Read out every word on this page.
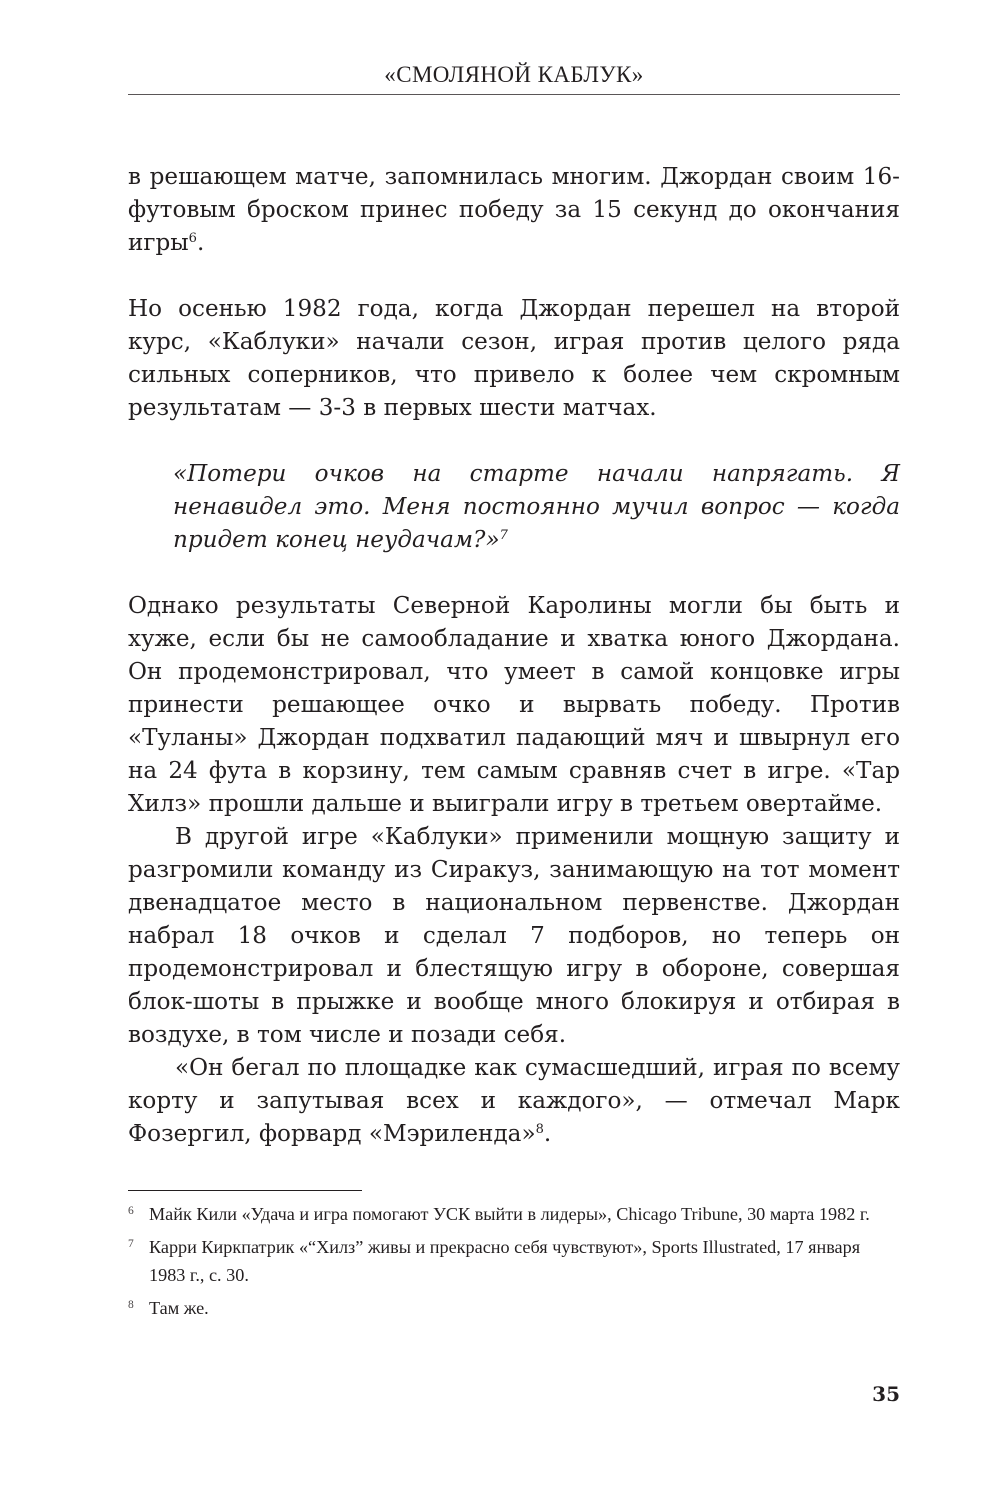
«СМОЛЯНОЙ КАБЛУК»

в решающем матче, запомнилась многим. Джордан своим 16-футовым броском принес победу за 15 секунд до окончания игры$^6$.

Но осенью 1982 года, когда Джордан перешел на второй курс, «Каблуки» начали сезон, играя против целого ряда сильных соперников, что привело к более чем скромным результатам — 3-3 в первых шести матчах.

«Потери очков на старте начали напрягать. Я ненавидел это. Меня постоянно мучил вопрос — когда придет конец неудачам?»$^7$

Однако результаты Северной Каролины могли бы быть и хуже, если бы не самообладание и хватка юного Джордана. Он продемонстрировал, что умеет в самой концовке игры принести решающее очко и вырвать победу. Против «Туланы» Джордан подхватил падающий мяч и швырнул его на 24 фута в корзину, тем самым сравняв счет в игре. «Тар Хилз» прошли дальше и выиграли игру в третьем овертайме.

В другой игре «Каблуки» применили мощную защиту и разгромили команду из Сиракуз, занимающую на тот момент двенадцатое место в национальном первенстве. Джордан набрал 18 очков и сделал 7 подборов, но теперь он продемонстрировал и блестящую игру в обороне, совершая блок-шоты в прыжке и вообще много блокируя и отбирая в воздухе, в том числе и позади себя.

«Он бегал по площадке как сумасшедший, играя по всему корту и запутывая всех и каждого», — отмечал Марк Фозергил, форвард «Мэриленда»$^8$.

6 Майк Кили «Удача и игра помогают УСК выйти в лидеры», Chicago Tribune, 30 марта 1982 г.
7 Карри Киркпатрик «“Хилз” живы и прекрасно себя чувствуют», Sports Illustrated, 17 января 1983 г., с. 30.
8 Там же.
35
